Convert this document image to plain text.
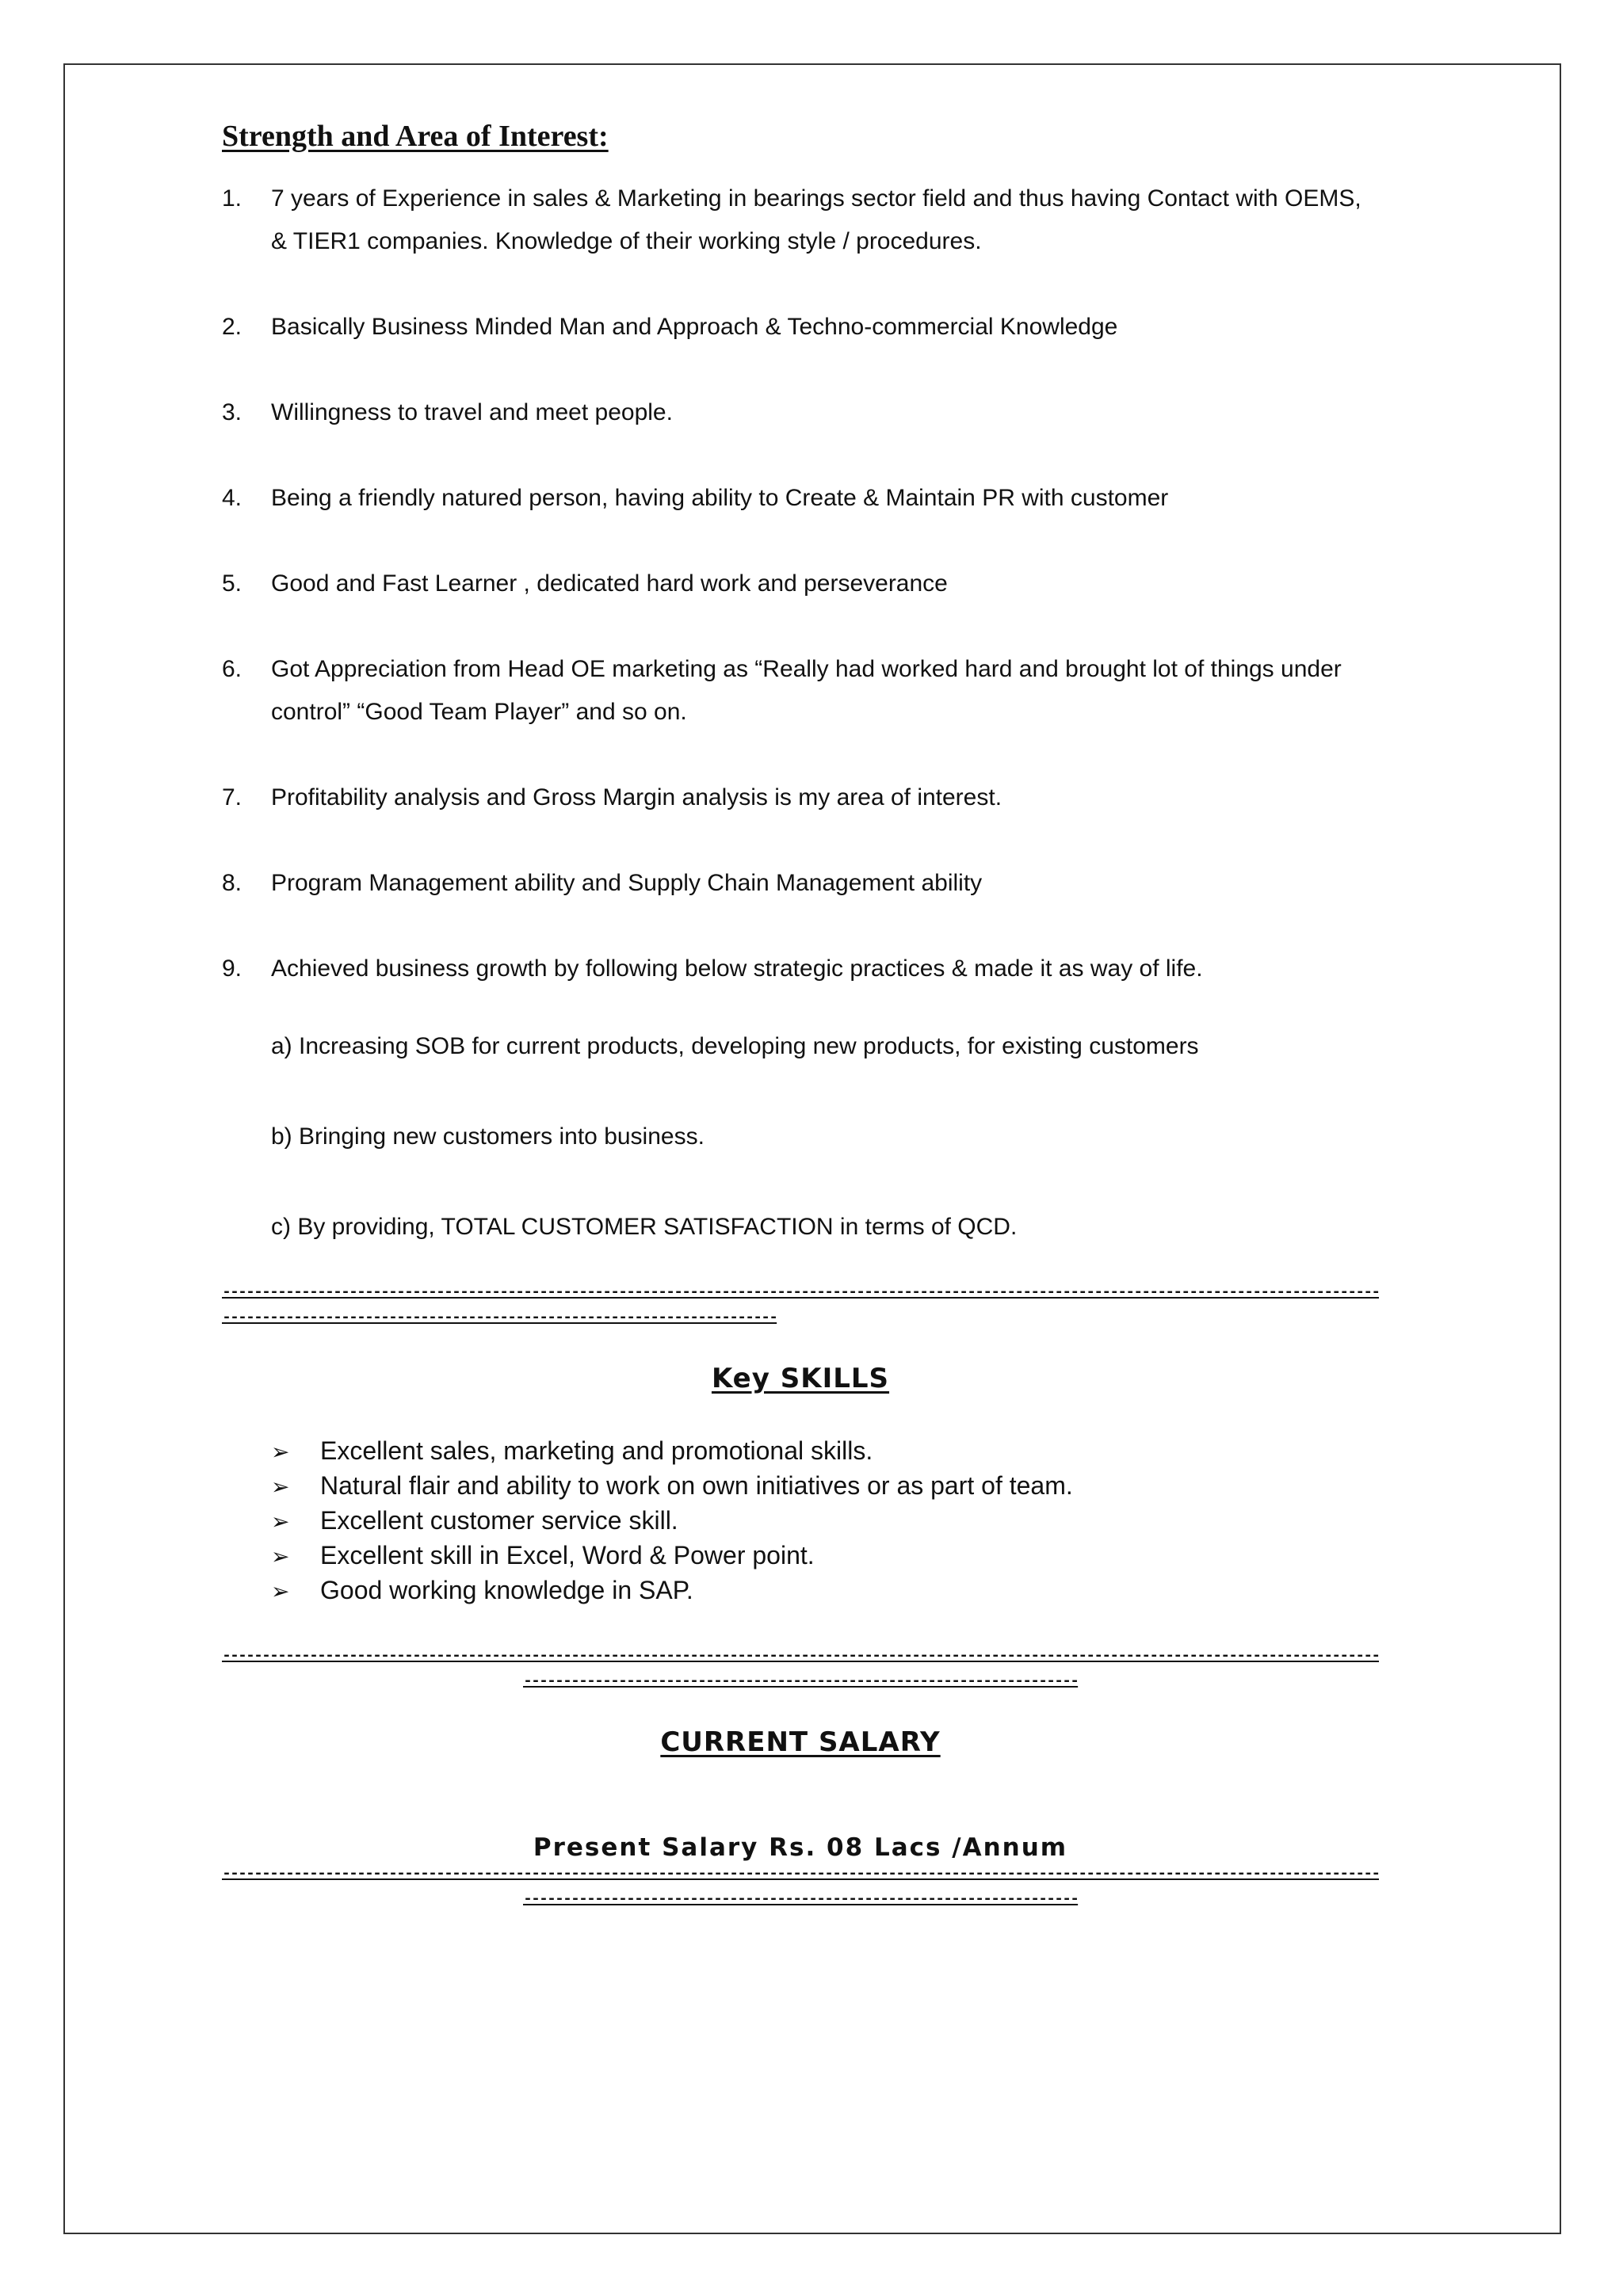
Strength and Area of Interest:
1.	7 years of Experience in sales & Marketing in bearings sector field and thus having Contact with OEMS, & TIER1 companies. Knowledge of their working style / procedures.
2.	Basically Business Minded Man and Approach & Techno-commercial Knowledge
3.	Willingness to travel and meet people.
4.	Being a friendly natured person, having ability to Create & Maintain PR with customer
5.	Good and Fast Learner , dedicated hard work and perseverance
6.	Got Appreciation from Head OE marketing as “Really had worked hard and brought lot of things under control” “Good Team Player” and so on.
7.	Profitability analysis and Gross Margin analysis is my area of interest.
8.	Program Management ability and Supply Chain Management ability
9.	Achieved business growth by following below strategic practices & made it as way of life.
a) Increasing SOB for current products, developing new products, for existing customers
b) Bringing new customers into business.
c) By providing, TOTAL CUSTOMER SATISFACTION in terms of QCD.
--------------------------------------------------------------------------------------------------------------------------------------------------
----------------------------------------------------------------------
Key SKILLS
➢	Excellent sales, marketing and promotional skills.
➢	Natural flair and ability to work on own initiatives or as part of team.
➢	Excellent customer service skill.
➢	Excellent skill in Excel, Word & Power point.
➢	Good working knowledge in SAP.
--------------------------------------------------------------------------------------------------------------------------------------------------
----------------------------------------------------------------------
CURRENT SALARY
Present Salary Rs. 08 Lacs /Annum
--------------------------------------------------------------------------------------------------------------------------------------------------
----------------------------------------------------------------------
